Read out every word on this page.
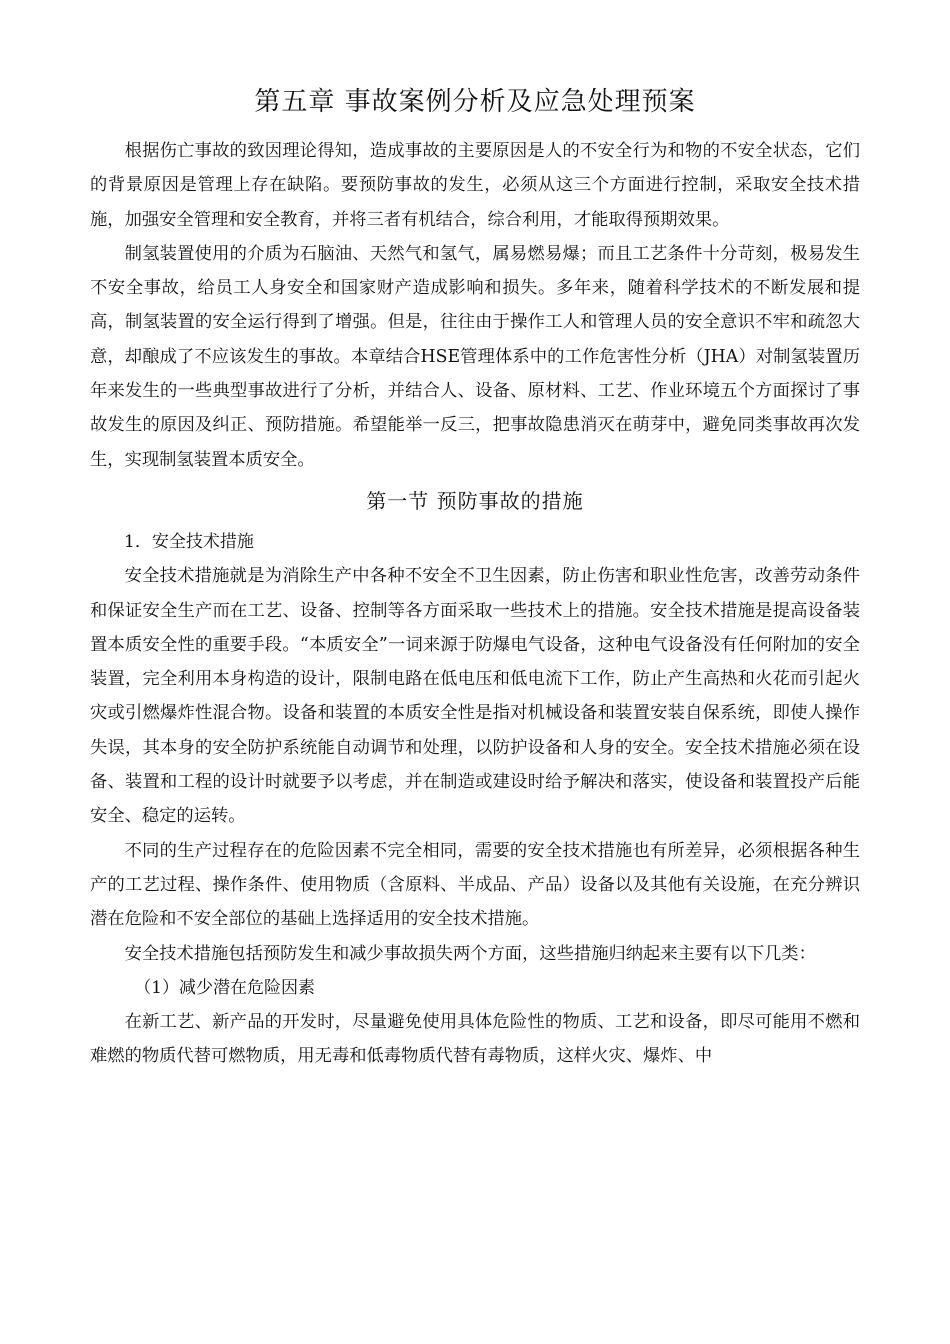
第五章 事故案例分析及应急处理预案

根据伤亡事故的致因理论得知，造成事故的主要原因是人的不安全行为和物的不安全状态，它们的背景原因是管理上存在缺陷。要预防事故的发生，必须从这三个方面进行控制，采取安全技术措施，加强安全管理和安全教育，并将三者有机结合，综合利用，才能取得预期效果。

制氢装置使用的介质为石脑油、天然气和氢气，属易燃易爆；而且工艺条件十分苛刻，极易发生不安全事故，给员工人身安全和国家财产造成影响和损失。多年来，随着科学技术的不断发展和提高，制氢装置的安全运行得到了增强。但是，往往由于操作工人和管理人员的安全意识不牢和疏忽大意，却酿成了不应该发生的事故。本章结合HSE管理体系中的工作危害性分析（JHA）对制氢装置历年来发生的一些典型事故进行了分析，并结合人、设备、原材料、工艺、作业环境五个方面探讨了事故发生的原因及纠正、预防措施。希望能举一反三，把事故隐患消灭在萌芽中，避免同类事故再次发生，实现制氢装置本质安全。

第一节 预防事故的措施

1．安全技术措施

安全技术措施就是为消除生产中各种不安全不卫生因素，防止伤害和职业性危害，改善劳动条件和保证安全生产而在工艺、设备、控制等各方面采取一些技术上的措施。安全技术措施是提高设备装置本质安全性的重要手段。“本质安全”一词来源于防爆电气设备，这种电气设备没有任何附加的安全装置，完全利用本身构造的设计，限制电路在低电压和低电流下工作，防止产生高热和火花而引起火灾或引燃爆炸性混合物。设备和装置的本质安全性是指对机械设备和装置安装自保系统，即使人操作失误，其本身的安全防护系统能自动调节和处理，以防护设备和人身的安全。安全技术措施必须在设备、装置和工程的设计时就要予以考虑，并在制造或建设时给予解决和落实，使设备和装置投产后能安全、稳定的运转。

不同的生产过程存在的危险因素不完全相同，需要的安全技术措施也有所差异，必须根据各种生产的工艺过程、操作条件、使用物质（含原料、半成品、产品）设备以及其他有关设施，在充分辨识潜在危险和不安全部位的基础上选择适用的安全技术措施。

安全技术措施包括预防发生和减少事故损失两个方面，这些措施归纳起来主要有以下几类：

（1）减少潜在危险因素

在新工艺、新产品的开发时，尽量避免使用具体危险性的物质、工艺和设备，即尽可能用不燃和难燃的物质代替可燃物质，用无毒和低毒物质代替有毒物质，这样火灾、爆炸、中
